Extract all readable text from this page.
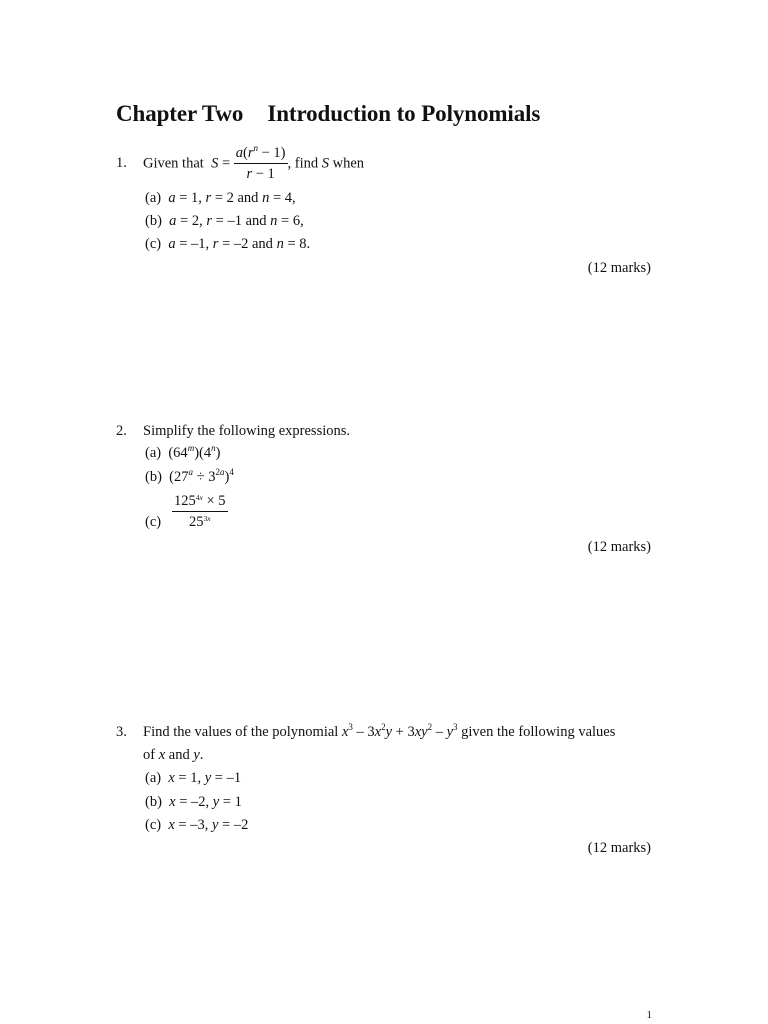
Chapter Two Introduction to Polynomials
1. Given that $S = \frac{a(r^n - 1)}{r - 1}$ , find S when
(a) a = 1, r = 2 and n = 4,
(b) a = 2, r = –1 and n = 6,
(c) a = –1, r = –2 and n = 8.
(12 marks)
2. Simplify the following expressions.
(a)  (64$^m$)(4$^n$)
(b)  $(27^a \div 3^{2a})^4$
$(c) \frac{125^{4x} \times 5}{25^{3x}}$
(12 marks)
3. Find the values of the polynomial $x^3 - 3x^2y + 3xy^2 - y^3$ given the following values
of x and y.
(a) x = 1, y = –1
(b) x = –2, y = 1
(c) x = –3, y = –2
(12 marks)
1
